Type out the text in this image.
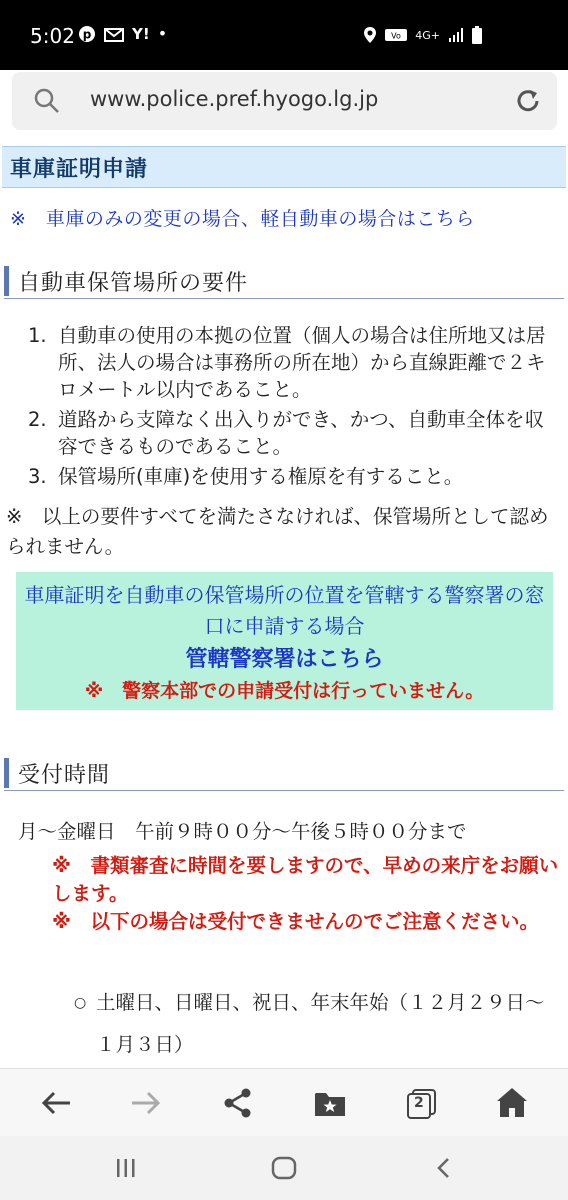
5:02 p	Y! •	Vo 4G+
www.police.pref.hyogo.lg.jp
車庫証明申請
※　車庫のみの変更の場合、軽自動車の場合はこちら
自動車保管場所の要件
1. 自動車の使用の本拠の位置（個人の場合は住所地又は居所、法人の場合は事務所の所在地）から直線距離で２キロメートル以内であること。
2. 道路から支障なく出入りができ、かつ、自動車全体を収容できるものであること。
3. 保管場所(車庫)を使用する権原を有すること。
※　以上の要件すべてを満たさなければ、保管場所として認められません。
車庫証明を自動車の保管場所の位置を管轄する警察署の窓口に申請する場合
管轄警察署はこちら
※　警察本部での申請受付は行っていません。
受付時間
月～金曜日　午前９時００分～午後５時００分まで
※　書類審査に時間を要しますので、早めの来庁をお願いします。
※　以下の場合は受付できませんのでご注意ください。
○ 土曜日、日曜日、祝日、年末年始（１２月２９日～１月３日）
2
